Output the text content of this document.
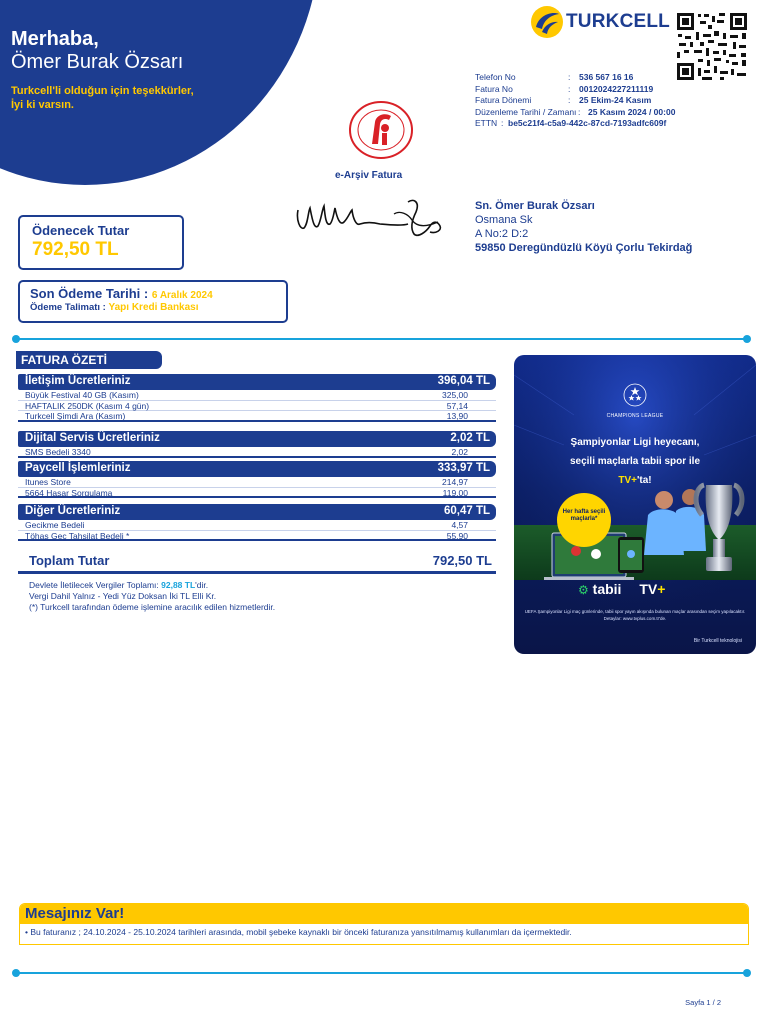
Merhaba,
Ömer Burak Özsarı
Turkcell'li olduğun için teşekkürler,
İyi ki varsın.
TURKCELL
Telefon No	: 536 567 16 16
Fatura No	: 0012024227211119
Fatura Dönemi	: 25 Ekim-24 Kasım
Düzenleme Tarihi / Zamanı : 25 Kasım 2024 / 00:00
ETTN : be5c21f4-c5a9-442c-87cd-7193adfc609f
e-Arşiv Fatura
Sn. Ömer Burak Özsarı
Osmana Sk
A No:2 D:2
59850 Deregündüzlü Köyü Çorlu Tekirdağ
Ödenecek Tutar
792,50 TL
Son Ödeme Tarihi : 6 Aralık 2024
Ödeme Talimatı : Yapı Kredi Bankası
FATURA ÖZETİ
İletişim Ücretleriniz	396,04 TL
Büyük Festival 40 GB (Kasım)	325,00
HAFTALIK 250DK (Kasım 4 gün)	57,14
Turkcell Şimdi Ara (Kasım)	13,90
Dijital Servis Ücretleriniz	2,02 TL
SMS Bedeli 3340	2,02
Paycell İşlemleriniz	333,97 TL
Itunes Store	214,97
5664 Hasar Sorgulama	119,00
Diğer Ücretleriniz	60,47 TL
Gecikme Bedeli	4,57
Töhaş Geç Tahsilat Bedeli *	55,90
Toplam Tutar	792,50 TL
Devlete İletilecek Vergiler Toplamı: 92,88 TL'dir.
Vergi Dahil Yalnız - Yedi Yüz Doksan İki TL Elli Kr.
(*) Turkcell tarafından ödeme işlemine aracılık edilen hizmetlerdir.
CHAMPIONS LEAGUE
Şampiyonlar Ligi heyecanı,
seçili maçlarla tabii spor ile
TV+'ta!
Her hafta seçili maçlarla*
⚙ tabii TV+
UEFA Şampiyonlar Ligi maç günlerinde, tabii spor yayın akışında bulunan maçlar arasından seçim yapılacaktır. Detaylar: www.tvplus.com.tr'de.
Bir Turkcell teknolojisi
Mesajınız Var!
• Bu faturanız ; 24.10.2024 - 25.10.2024 tarihleri arasında, mobil şebeke kaynaklı bir önceki faturanıza yansıtılmamış kullanımları da içermektedir.
Sayfa 1 / 2
